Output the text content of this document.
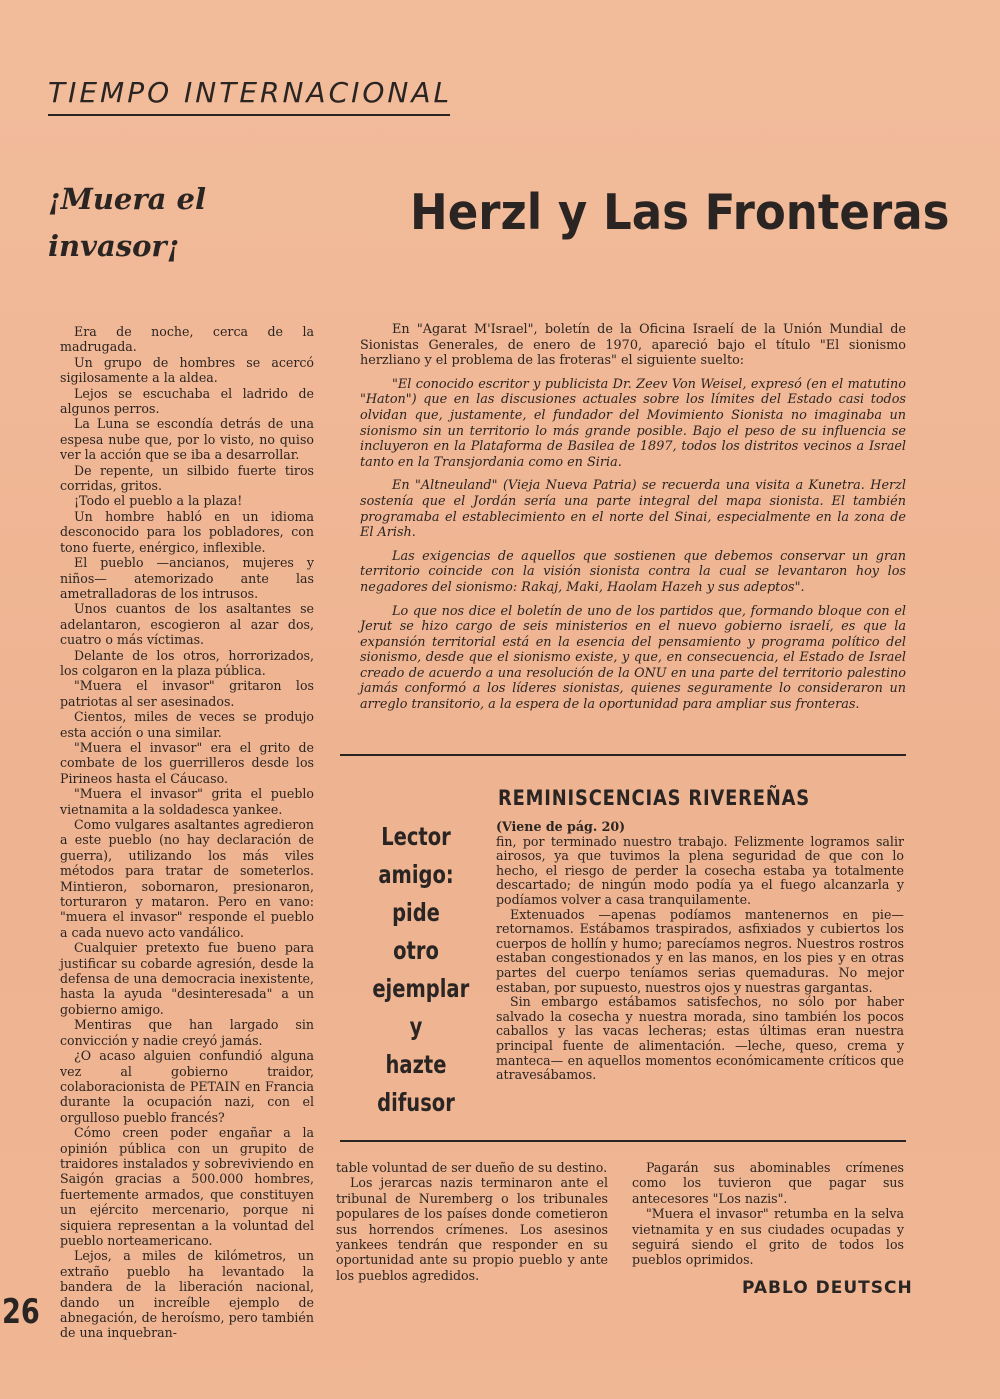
TIEMPO INTERNACIONAL
¡Muera el invasor¡
Herzl y Las Fronteras

Era de noche, cerca de la madrugada.

Un grupo de hombres se acercó sigilosamente a la aldea.

Lejos se escuchaba el ladrido de algunos perros.

La Luna se escondía detrás de una espesa nube que, por lo visto, no quiso ver la acción que se iba a desarrollar.

De repente, un silbido fuerte tiros corridas, gritos.

¡Todo el pueblo a la plaza!

Un hombre habló en un idioma desconocido para los pobladores, con tono fuerte, enérgico, inflexible.

El pueblo —ancianos, mujeres y niños— atemorizado ante las ametralladoras de los intrusos.

Unos cuantos de los asaltantes se adelantaron, escogieron al azar dos, cuatro o más víctimas.

Delante de los otros, horrorizados, los colgaron en la plaza pública.

"Muera el invasor" gritaron los patriotas al ser asesinados.

Cientos, miles de veces se produjo esta acción o una similar.

"Muera el invasor" era el grito de combate de los guerrilleros desde los Pirineos hasta el Cáucaso.

"Muera el invasor" grita el pueblo vietnamita a la soldadesca yankee.

Como vulgares asaltantes agredieron a este pueblo (no hay declaración de guerra), utilizando los más viles métodos para tratar de someterlos. Mintieron, sobornaron, presionaron, torturaron y mataron. Pero en vano: "muera el invasor" responde el pueblo a cada nuevo acto vandálico.

Cualquier pretexto fue bueno para justificar su cobarde agresión, desde la defensa de una democracia inexistente, hasta la ayuda "desinteresada" a un gobierno amigo.

Mentiras que han largado sin convicción y nadie creyó jamás.

¿O acaso alguien confundió alguna vez al gobierno traidor, colaboracionista de PETAIN en Francia durante la ocupación nazi, con el orgulloso pueblo francés?

Cómo creen poder engañar a la opinión pública con un grupito de traidores instalados y sobreviviendo en Saigón gracias a 500.000 hombres, fuertemente armados, que constituyen un ejército mercenario, porque ni siquiera representan a la voluntad del pueblo norteamericano.

Lejos, a miles de kilómetros, un extraño pueblo ha levantado la bandera de la liberación nacional, dando un increíble ejemplo de abnegación, de heroísmo, pero también de una inquebran-

En "Agarat M'Israel", boletín de la Oficina Israelí de la Unión Mundial de Sionistas Generales, de enero de 1970, apareció bajo el título "El sionismo herzliano y el problema de las froteras" el siguiente suelto:

"El conocido escritor y publicista Dr. Zeev Von Weisel, expresó (en el matutino "Haton") que en las discusiones actuales sobre los límites del Estado casi todos olvidan que, justamente, el fundador del Movimiento Sionista no imaginaba un sionismo sin un territorio lo más grande posible. Bajo el peso de su influencia se incluyeron en la Plataforma de Basilea de 1897, todos los distritos vecinos a Israel tanto en la Transjordania como en Siria.

En "Altneuland" (Vieja Nueva Patria) se recuerda una visita a Kunetra. Herzl sostenía que el Jordán sería una parte integral del mapa sionista. El también programaba el establecimiento en el norte del Sinai, especialmente en la zona de El Arish.

Las exigencias de aquellos que sostienen que debemos conservar un gran territorio coincide con la visión sionista contra la cual se levantaron hoy los negadores del sionismo: Rakaj, Maki, Haolam Hazeh y sus adeptos".

Lo que nos dice el boletín de uno de los partidos que, formando bloque con el Jerut se hizo cargo de seis ministerios en el nuevo gobierno israelí, es que la expansión territorial está en la esencia del pensamiento y programa político del sionismo, desde que el sionismo existe, y que, en consecuencia, el Estado de Israel creado de acuerdo a una resolución de la ONU en una parte del territorio palestino jamás conformó a los líderes sionistas, quienes seguramente lo consideraron un arreglo transitorio, a la espera de la oportunidad para ampliar sus fronteras.

Lector
amigo:
pide
otro
ejemplar
y
hazte
difusor
REMINISCENCIAS RIVEREÑAS

(Viene de pág. 20)

fin, por terminado nuestro trabajo. Felizmente logramos salir airosos, ya que tuvimos la plena seguridad de que con lo hecho, el riesgo de perder la cosecha estaba ya totalmente descartado; de ningún modo podía ya el fuego alcanzarla y podíamos volver a casa tranquilamente.

Extenuados —apenas podíamos mantenernos en pie— retornamos. Estábamos traspirados, asfixiados y cubiertos los cuerpos de hollín y humo; parecíamos negros. Nuestros rostros estaban congestionados y en las manos, en los pies y en otras partes del cuerpo teníamos serias quemaduras. No mejor estaban, por supuesto, nuestros ojos y nuestras gargantas.

Sin embargo estábamos satisfechos, no sólo por haber salvado la cosecha y nuestra morada, sino también los pocos caballos y las vacas lecheras; estas últimas eran nuestra principal fuente de alimentación. —leche, queso, crema y manteca— en aquellos momentos económicamente críticos que atravesábamos.

table voluntad de ser dueño de su destino.

Los jerarcas nazis terminaron ante el tribunal de Nuremberg o los tribunales populares de los países donde cometieron sus horrendos crímenes. Los asesinos yankees tendrán que responder en su oportunidad ante su propio pueblo y ante los pueblos agredidos.

Pagarán sus abominables crímenes como los tuvieron que pagar sus antecesores "Los nazis".

"Muera el invasor" retumba en la selva vietnamita y en sus ciudades ocupadas y seguirá siendo el grito de todos los pueblos oprimidos.

PABLO DEUTSCH
26
